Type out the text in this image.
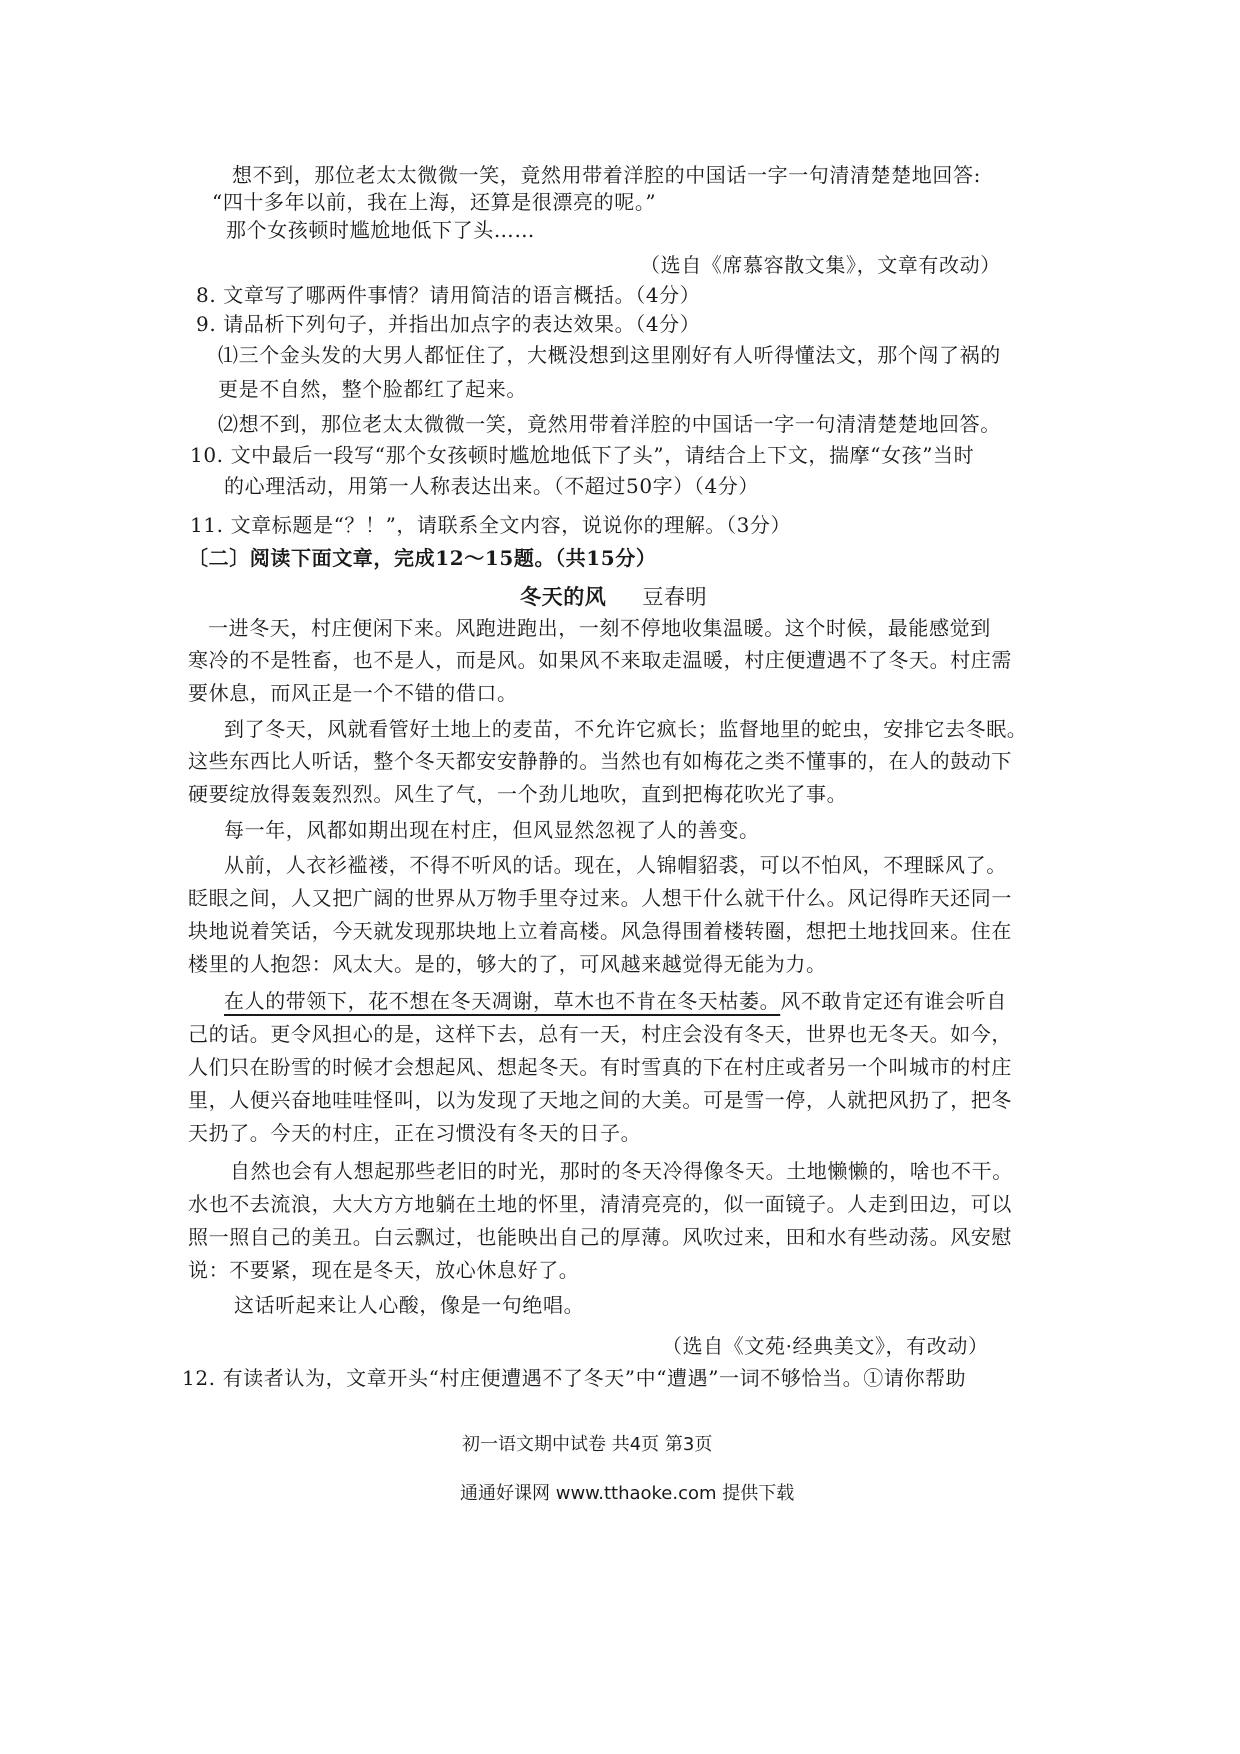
想不到，那位老太太微微一笑，竟然用带着洋腔的中国话一字一句清清楚楚地回答:
“四十多年以前，我在上海，还算是很漂亮的呢。”
那个女孩顿时尴尬地低下了头……
（选自《席慕容散文集》，文章有改动）
8. 文章写了哪两件事情？请用简洁的语言概括。（4分）
9. 请品析下列句子，并指出加点字的表达效果。（4分）
⑴三个金头发的大男人都怔住了，大概没想到这里刚好有人听得懂法文，那个闯了祸的
更是不自然，整个脸都红了起来。
⑵想不到，那位老太太微微一笑，竟然用带着洋腔的中国话一字一句清清楚楚地回答。
10. 文中最后一段写“那个女孩顿时尴尬地低下了头”，请结合上下文，揣摩“女孩”当时
的心理活动，用第一人称表达出来。（不超过50字）（4分）
11. 文章标题是“？！”，请联系全文内容，说说你的理解。（3分）
〔二〕阅读下面文章，完成12～15题。（共15分）
冬天的风 豆春明
一进冬天，村庄便闲下来。风跑进跑出，一刻不停地收集温暖。这个时候，最能感觉到
寒冷的不是牲畜，也不是人，而是风。如果风不来取走温暖，村庄便遭遇不了冬天。村庄需
要休息，而风正是一个不错的借口。
到了冬天，风就看管好土地上的麦苗，不允许它疯长；监督地里的蛇虫，安排它去冬眠。
这些东西比人听话，整个冬天都安安静静的。当然也有如梅花之类不懂事的，在人的鼓动下
硬要绽放得轰轰烈烈。风生了气，一个劲儿地吹，直到把梅花吹光了事。
每一年，风都如期出现在村庄，但风显然忽视了人的善变。
从前，人衣衫褴褛，不得不听风的话。现在，人锦帽貂裘，可以不怕风，不理睬风了。
眨眼之间，人又把广阔的世界从万物手里夺过来。人想干什么就干什么。风记得昨天还同一
块地说着笑话，今天就发现那块地上立着高楼。风急得围着楼转圈，想把土地找回来。住在
楼里的人抱怨：风太大。是的，够大的了，可风越来越觉得无能为力。
在人的带领下，花不想在冬天凋谢，草木也不肯在冬天枯萎。风不敢肯定还有谁会听自
己的话。更令风担心的是，这样下去，总有一天，村庄会没有冬天，世界也无冬天。如今，
人们只在盼雪的时候才会想起风、想起冬天。有时雪真的下在村庄或者另一个叫城市的村庄
里，人便兴奋地哇哇怪叫，以为发现了天地之间的大美。可是雪一停，人就把风扔了，把冬
天扔了。今天的村庄，正在习惯没有冬天的日子。
自然也会有人想起那些老旧的时光，那时的冬天冷得像冬天。土地懒懒的，啥也不干。
水也不去流浪，大大方方地躺在土地的怀里，清清亮亮的，似一面镜子。人走到田边，可以
照一照自己的美丑。白云飘过，也能映出自己的厚薄。风吹过来，田和水有些动荡。风安慰
说：不要紧，现在是冬天，放心休息好了。
这话听起来让人心酸，像是一句绝唱。
（选自《文苑·经典美文》，有改动）
12. 有读者认为，文章开头“村庄便遭遇不了冬天”中“遭遇”一词不够恰当。①请你帮助
初一语文期中试卷 共4页 第3页
通通好课网 www.tthaoke.com 提供下载
